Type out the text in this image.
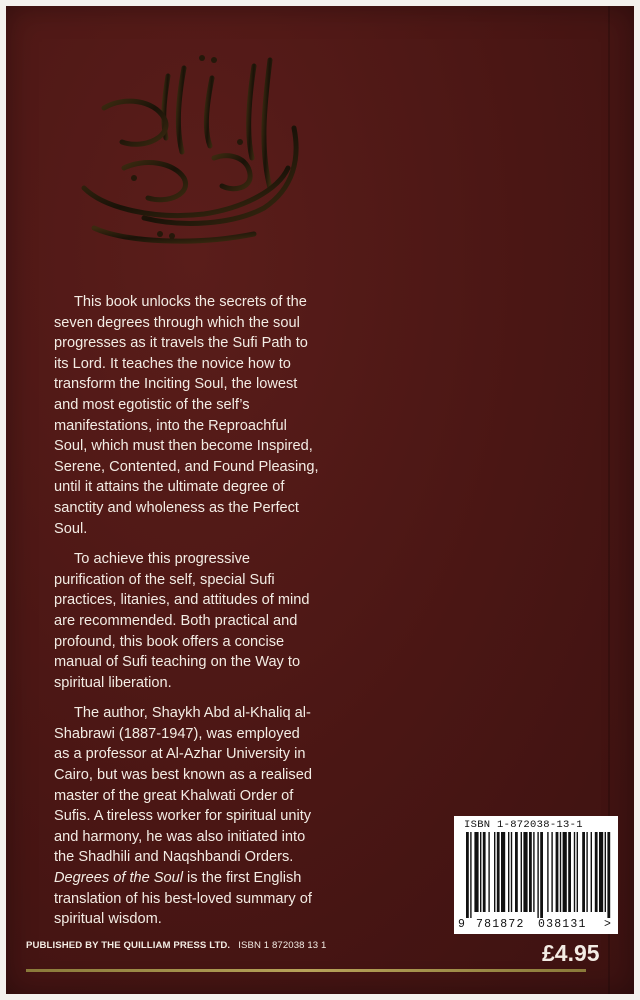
This book unlocks the secrets of the seven degrees through which the soul progresses as it travels the Sufi Path to its Lord. It teaches the novice how to transform the Inciting Soul, the lowest and most egotistic of the self’s manifestations, into the Reproachful Soul, which must then become Inspired, Serene, Contented, and Found Pleasing, until it attains the ultimate degree of sanctity and wholeness as the Perfect Soul.

To achieve this progressive purification of the self, special Sufi practices, litanies, and attitudes of mind are recommended. Both practical and profound, this book offers a concise manual of Sufi teaching on the Way to spiritual liberation.

The author, Shaykh Abd al-Khaliq al-Shabrawi (1887-1947), was employed as a professor at Al-Azhar University in Cairo, but was best known as a realised master of the great Khalwati Order of Sufis. A tireless worker for spiritual unity and harmony, he was also initiated into the Shadhili and Naqshbandi Orders. Degrees of the Soul is the first English translation of his best-loved summary of spiritual wisdom.

ISBN 1-872038-13-1
9 781872 038131 >
PUBLISHED BY THE QUILLIAM PRESS LTD. ISBN 1 872038 13 1	£4.95
